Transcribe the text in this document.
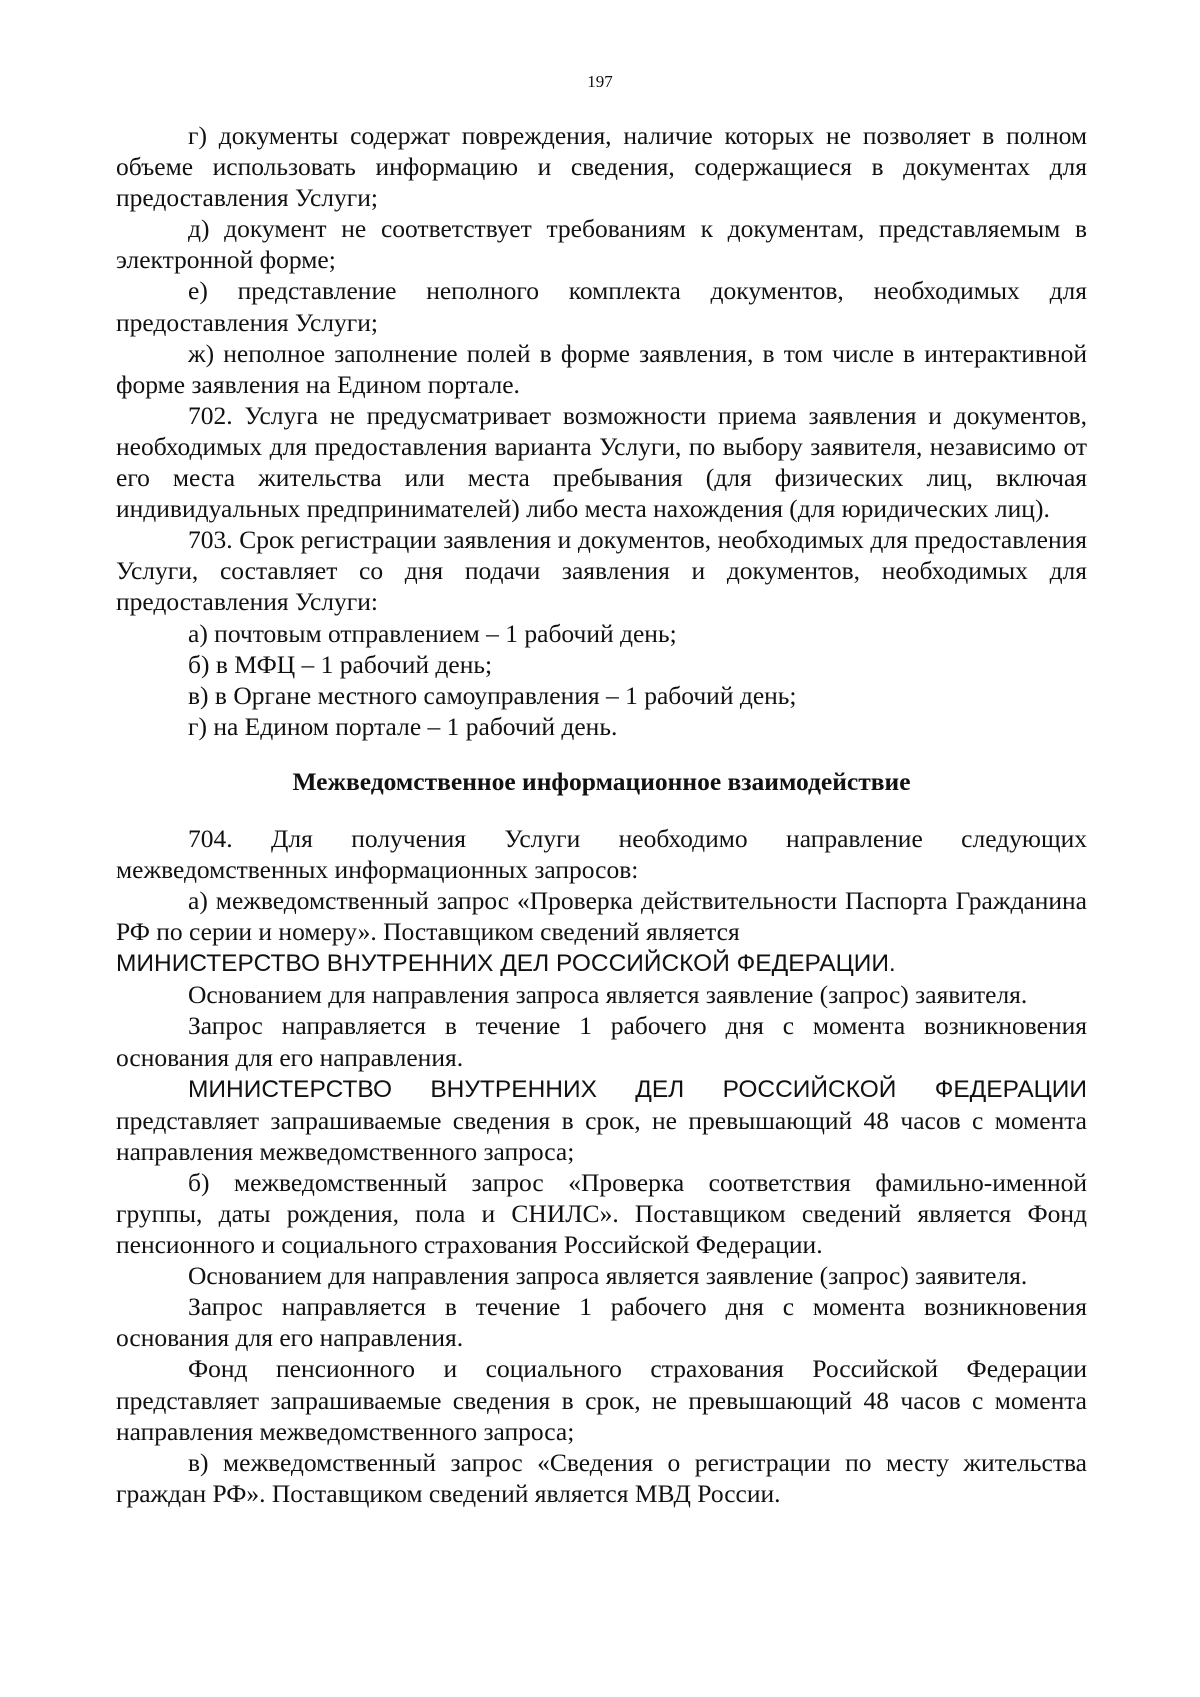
197

г) документы содержат повреждения, наличие которых не позволяет в полном объеме использовать информацию и сведения, содержащиеся в документах для предоставления Услуги;

д) документ не соответствует требованиям к документам, представляемым в электронной форме;

е) представление неполного комплекта документов, необходимых для предоставления Услуги;

ж) неполное заполнение полей в форме заявления, в том числе в интерактивной форме заявления на Едином портале.

702. Услуга не предусматривает возможности приема заявления и документов, необходимых для предоставления варианта Услуги, по выбору заявителя, независимо от его места жительства или места пребывания (для физических лиц, включая индивидуальных предпринимателей) либо места нахождения (для юридических лиц).

703. Срок регистрации заявления и документов, необходимых для предоставления Услуги, составляет со дня подачи заявления и документов, необходимых для предоставления Услуги:

а) почтовым отправлением – 1 рабочий день;

б) в МФЦ – 1 рабочий день;

в) в Органе местного самоуправления – 1 рабочий день;

г) на Едином портале – 1 рабочий день.

Межведомственное информационное взаимодействие

704. Для получения Услуги необходимо направление следующих межведомственных информационных запросов:

а) межведомственный запрос «Проверка действительности Паспорта Гражданина РФ по серии и номеру». Поставщиком сведений является
МИНИСТЕРСТВО ВНУТРЕННИХ ДЕЛ РОССИЙСКОЙ ФЕДЕРАЦИИ.

Основанием для направления запроса является заявление (запрос) заявителя.

Запрос направляется в течение 1 рабочего дня с момента возникновения основания для его направления.

МИНИСТЕРСТВО ВНУТРЕННИХ ДЕЛ РОССИЙСКОЙ ФЕДЕРАЦИИ представляет запрашиваемые сведения в срок, не превышающий 48 часов с момента направления межведомственного запроса;

б) межведомственный запрос «Проверка соответствия фамильно-именной группы, даты рождения, пола и СНИЛС». Поставщиком сведений является Фонд пенсионного и социального страхования Российской Федерации.

Основанием для направления запроса является заявление (запрос) заявителя.

Запрос направляется в течение 1 рабочего дня с момента возникновения основания для его направления.

Фонд пенсионного и социального страхования Российской Федерации представляет запрашиваемые сведения в срок, не превышающий 48 часов с момента направления межведомственного запроса;

в) межведомственный запрос «Сведения о регистрации по месту жительства граждан РФ». Поставщиком сведений является МВД России.
